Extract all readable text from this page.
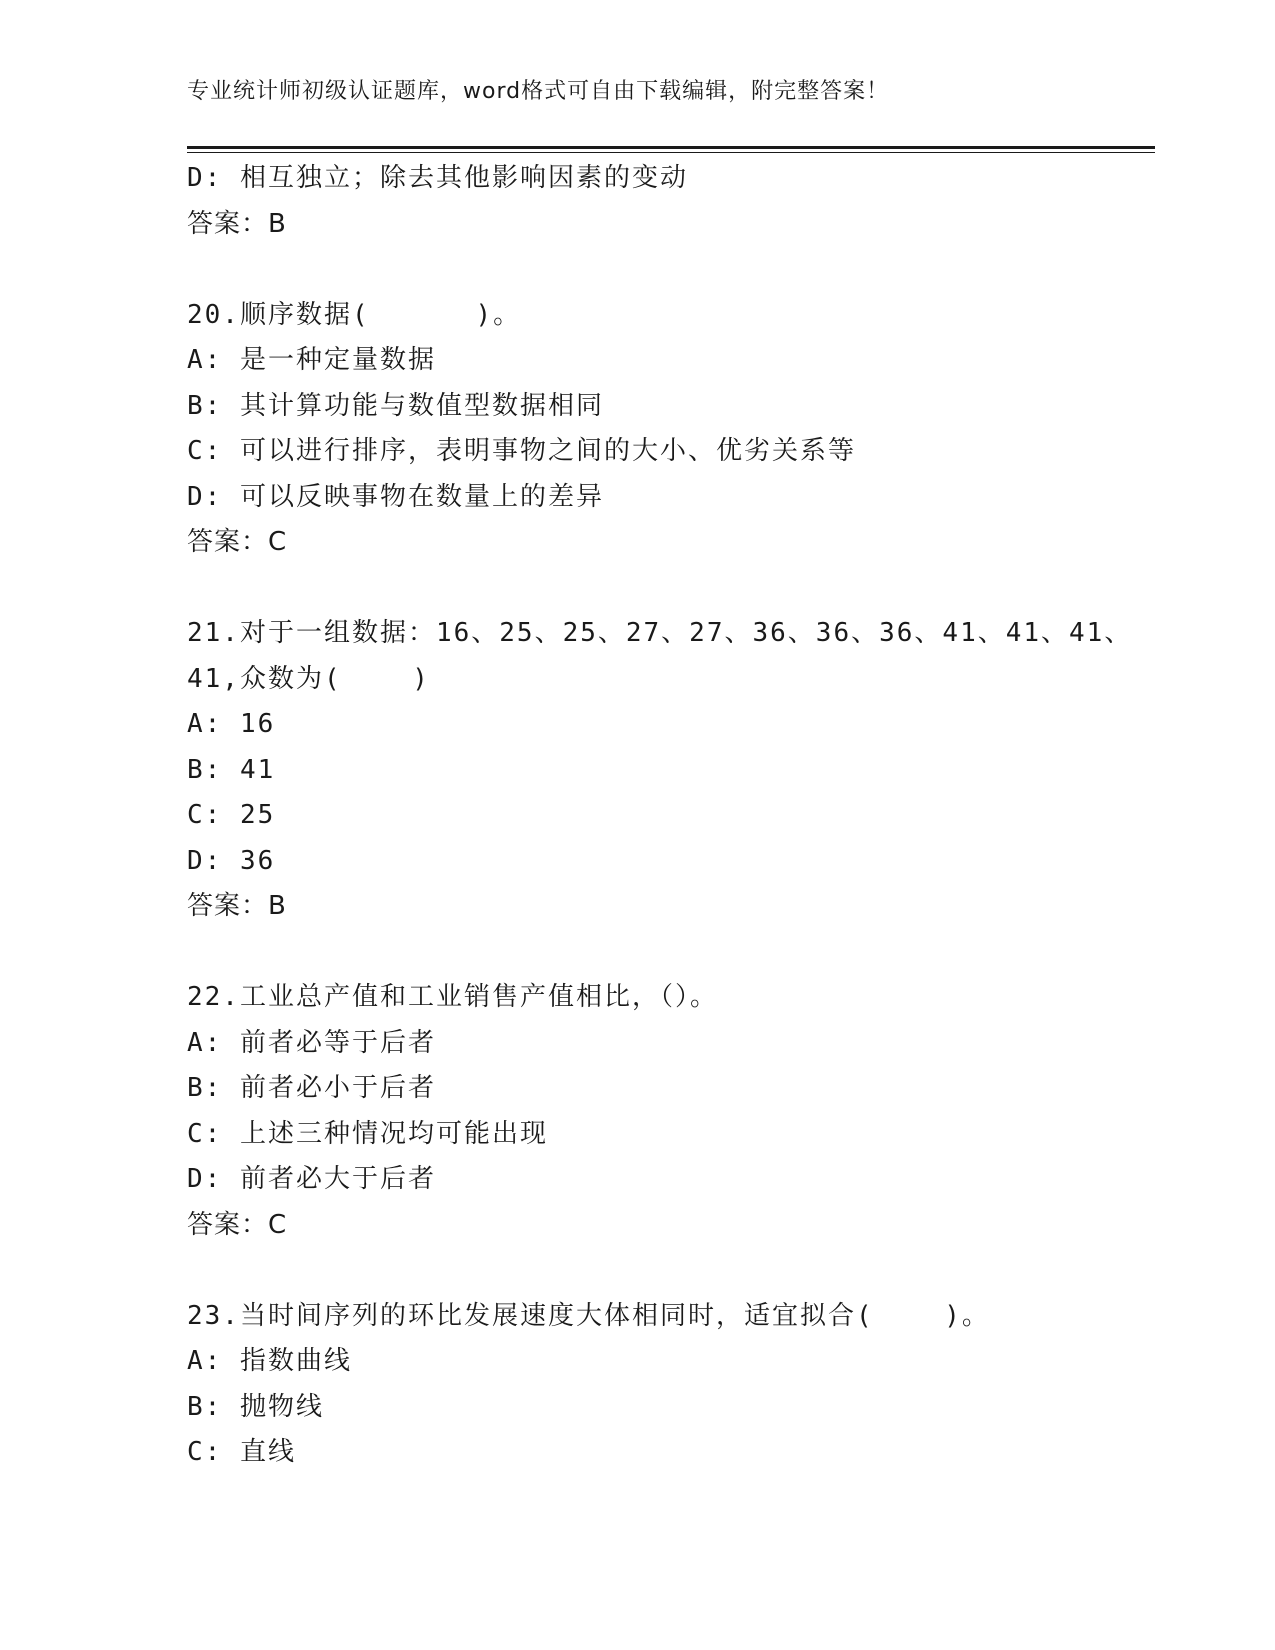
专业统计师初级认证题库，word格式可自由下载编辑，附完整答案！
D: 相互独立；除去其他影响因素的变动
答案：B
20.顺序数据(      )。
A: 是一种定量数据
B: 其计算功能与数值型数据相同
C: 可以进行排序，表明事物之间的大小、优劣关系等
D: 可以反映事物在数量上的差异
答案：C
21.对于一组数据：16、25、25、27、27、36、36、36、41、41、41、
41,众数为(    )
A: 16
B: 41
C: 25
D: 36
答案：B
22.工业总产值和工业销售产值相比，（）。
A: 前者必等于后者
B: 前者必小于后者
C: 上述三种情况均可能出现
D: 前者必大于后者
答案：C
23.当时间序列的环比发展速度大体相同时，适宜拟合(    )。
A: 指数曲线
B: 抛物线
C: 直线
